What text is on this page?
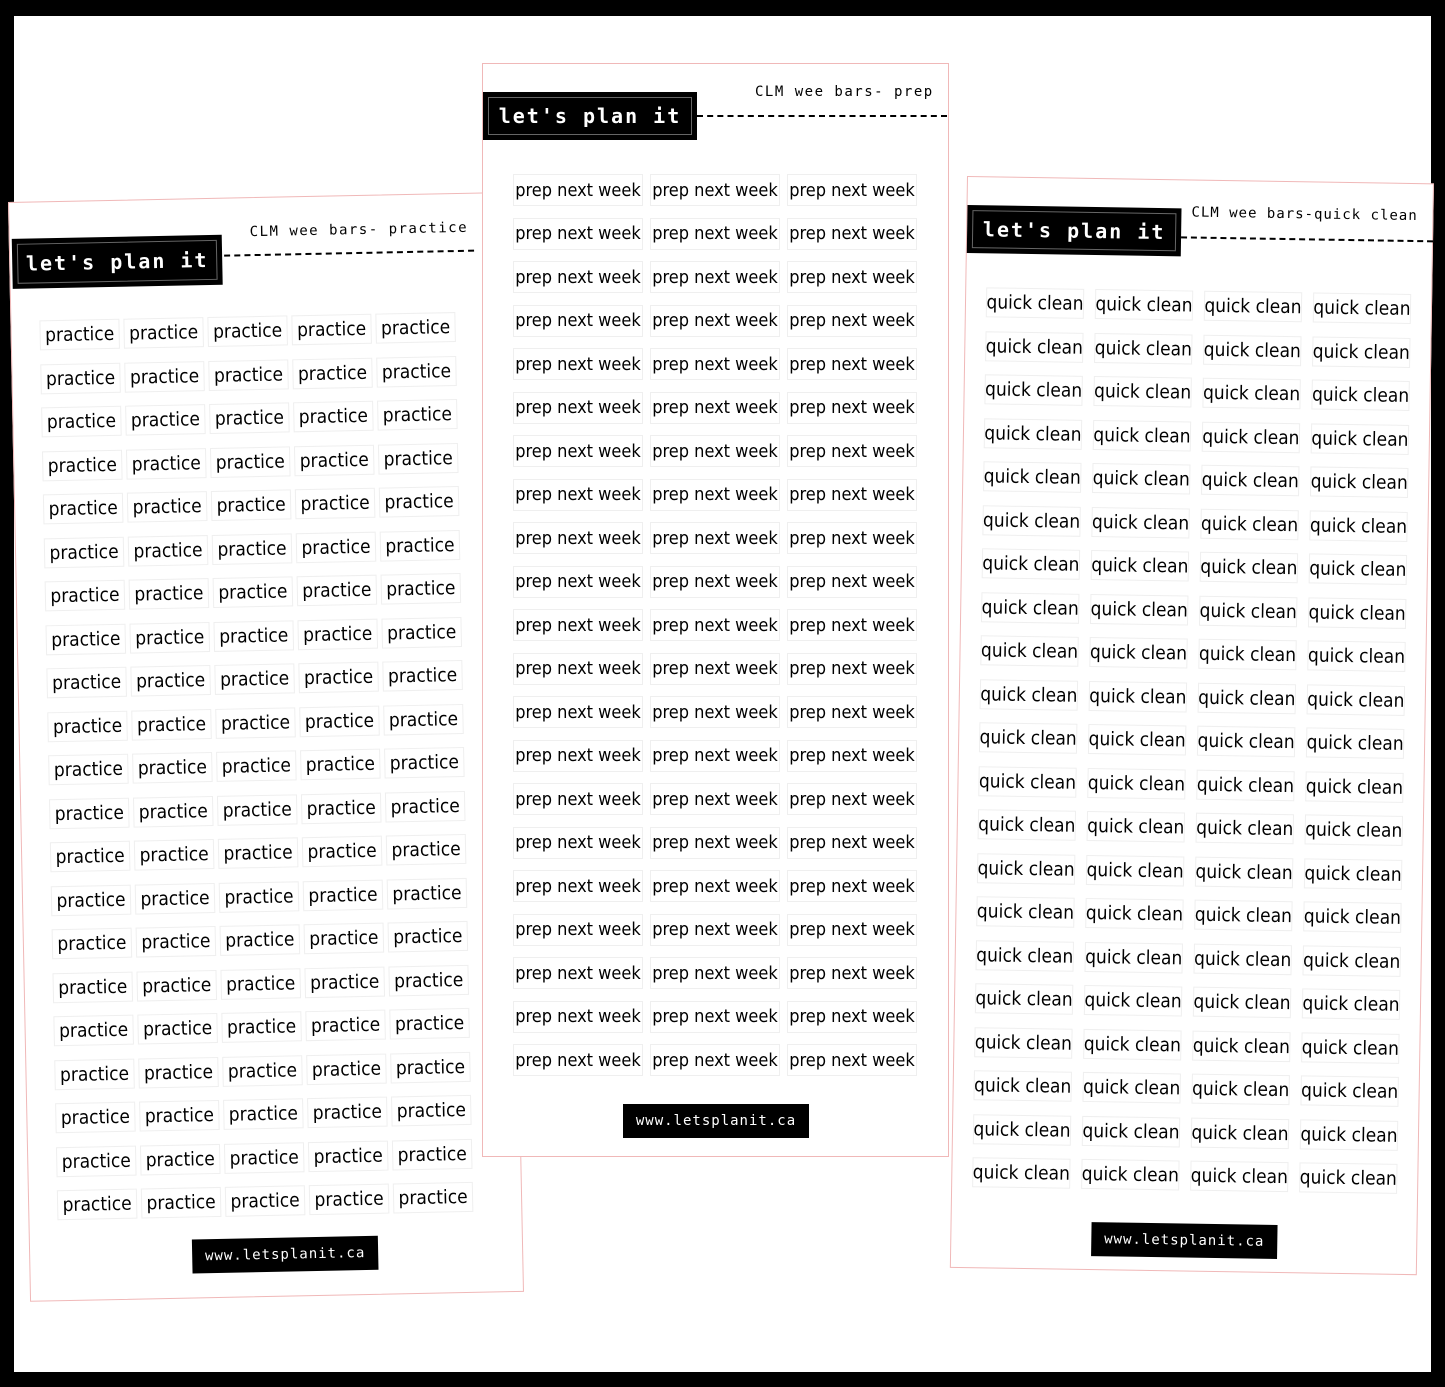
let's plan it
CLM wee bars- practice
practice practice practice practice practice
practice practice practice practice practice
practice practice practice practice practice
practice practice practice practice practice
practice practice practice practice practice
practice practice practice practice practice
practice practice practice practice practice
practice practice practice practice practice
practice practice practice practice practice
practice practice practice practice practice
practice practice practice practice practice
practice practice practice practice practice
practice practice practice practice practice
practice practice practice practice practice
practice practice practice practice practice
practice practice practice practice practice
practice practice practice practice practice
practice practice practice practice practice
practice practice practice practice practice
practice practice practice practice practice
practice practice practice practice practice
www.letsplanit.ca
let's plan it
CLM wee bars- prep
prep next week prep next week prep next week
prep next week prep next week prep next week
prep next week prep next week prep next week
prep next week prep next week prep next week
prep next week prep next week prep next week
prep next week prep next week prep next week
prep next week prep next week prep next week
prep next week prep next week prep next week
prep next week prep next week prep next week
prep next week prep next week prep next week
prep next week prep next week prep next week
prep next week prep next week prep next week
prep next week prep next week prep next week
prep next week prep next week prep next week
prep next week prep next week prep next week
prep next week prep next week prep next week
prep next week prep next week prep next week
prep next week prep next week prep next week
prep next week prep next week prep next week
prep next week prep next week prep next week
prep next week prep next week prep next week
www.letsplanit.ca
let's plan it
CLM wee bars-quick clean
quick clean quick clean quick clean quick clean
quick clean quick clean quick clean quick clean
quick clean quick clean quick clean quick clean
quick clean quick clean quick clean quick clean
quick clean quick clean quick clean quick clean
quick clean quick clean quick clean quick clean
quick clean quick clean quick clean quick clean
quick clean quick clean quick clean quick clean
quick clean quick clean quick clean quick clean
quick clean quick clean quick clean quick clean
quick clean quick clean quick clean quick clean
quick clean quick clean quick clean quick clean
quick clean quick clean quick clean quick clean
quick clean quick clean quick clean quick clean
quick clean quick clean quick clean quick clean
quick clean quick clean quick clean quick clean
quick clean quick clean quick clean quick clean
quick clean quick clean quick clean quick clean
quick clean quick clean quick clean quick clean
quick clean quick clean quick clean quick clean
quick clean quick clean quick clean quick clean
www.letsplanit.ca
